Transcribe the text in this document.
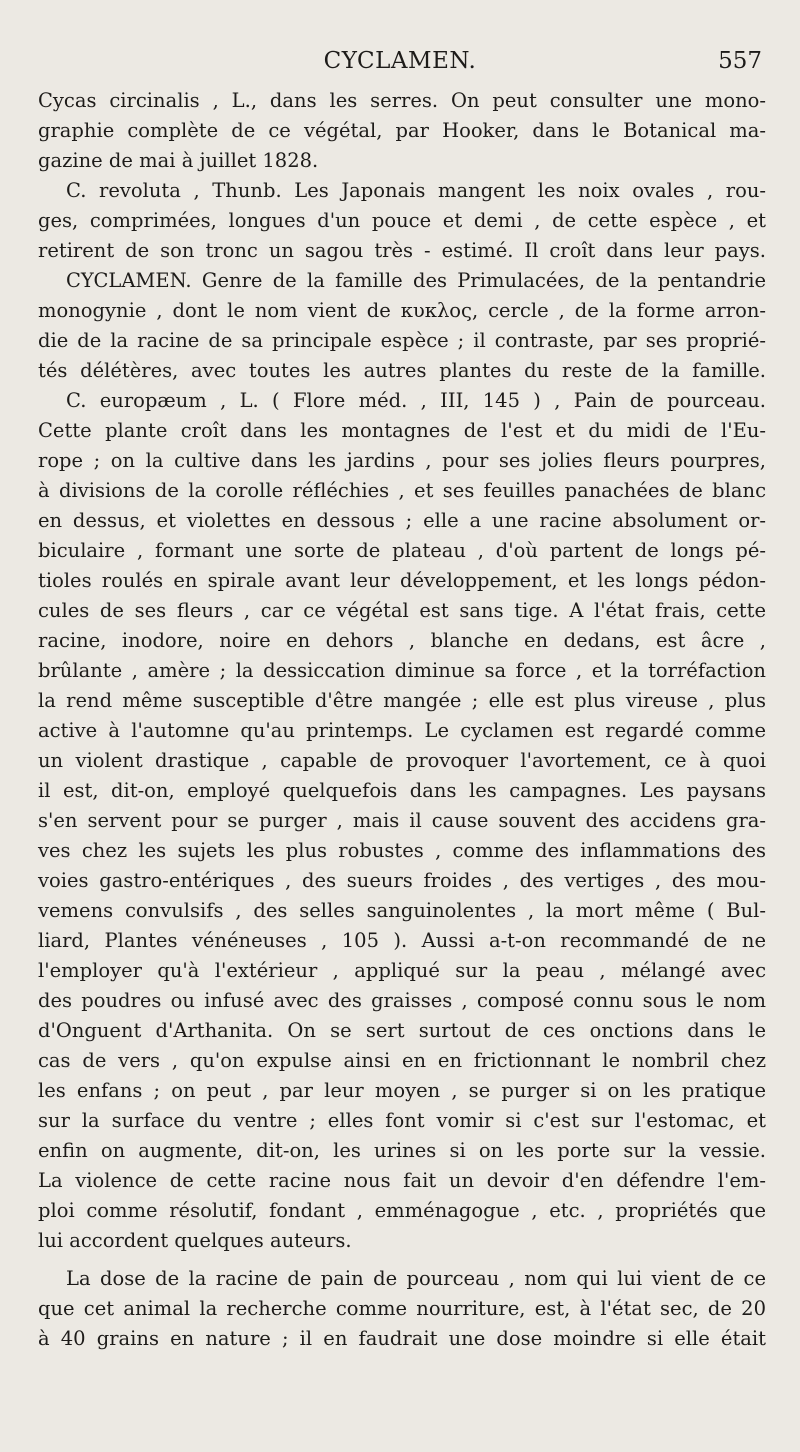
CYCLAMEN.	557
Cycas circinalis , L., dans les serres. On peut consulter une mono-
graphie complète de ce végétal, par Hooker, dans le Botanical ma-
gazine de mai à juillet 1828.
C. revoluta , Thunb. Les Japonais mangent les noix ovales , rou-
ges, comprimées, longues d'un pouce et demi , de cette espèce , et
retirent de son tronc un sagou très - estimé. Il croît dans leur pays.
CYCLAMEN. Genre de la famille des Primulacées, de la pentandrie
monogynie , dont le nom vient de κυκλος, cercle , de la forme arron-
die de la racine de sa principale espèce ; il contraste, par ses proprié-
tés délétères, avec toutes les autres plantes du reste de la famille.
C. europæum , L. ( Flore méd. , III, 145 ) , Pain de pourceau.
Cette plante croît dans les montagnes de l'est et du midi de l'Eu-
rope ; on la cultive dans les jardins , pour ses jolies fleurs pourpres,
à divisions de la corolle réfléchies , et ses feuilles panachées de blanc
en dessus, et violettes en dessous ; elle a une racine absolument or-
biculaire , formant une sorte de plateau , d'où partent de longs pé-
tioles roulés en spirale avant leur développement, et les longs pédon-
cules de ses fleurs , car ce végétal est sans tige. A l'état frais, cette
racine, inodore, noire en dehors , blanche en dedans, est âcre ,
brûlante , amère ; la dessiccation diminue sa force , et la torréfaction
la rend même susceptible d'être mangée ; elle est plus vireuse , plus
active à l'automne qu'au printemps. Le cyclamen est regardé comme
un violent drastique , capable de provoquer l'avortement, ce à quoi
il est, dit-on, employé quelquefois dans les campagnes. Les paysans
s'en servent pour se purger , mais il cause souvent des accidens gra-
ves chez les sujets les plus robustes , comme des inflammations des
voies gastro-entériques , des sueurs froides , des vertiges , des mou-
vemens convulsifs , des selles sanguinolentes , la mort même ( Bul-
liard, Plantes vénéneuses , 105 ). Aussi a-t-on recommandé de ne
l'employer qu'à l'extérieur , appliqué sur la peau , mélangé avec
des poudres ou infusé avec des graisses , composé connu sous le nom
d'Onguent d'Arthanita. On se sert surtout de ces onctions dans le
cas de vers , qu'on expulse ainsi en en frictionnant le nombril chez
les enfans ; on peut , par leur moyen , se purger si on les pratique
sur la surface du ventre ; elles font vomir si c'est sur l'estomac, et
enfin on augmente, dit-on, les urines si on les porte sur la vessie.
La violence de cette racine nous fait un devoir d'en défendre l'em-
ploi comme résolutif, fondant , emménagogue , etc. , propriétés que
lui accordent quelques auteurs.
La dose de la racine de pain de pourceau , nom qui lui vient de ce
que cet animal la recherche comme nourriture, est, à l'état sec, de 20
à 40 grains en nature ; il en faudrait une dose moindre si elle était
